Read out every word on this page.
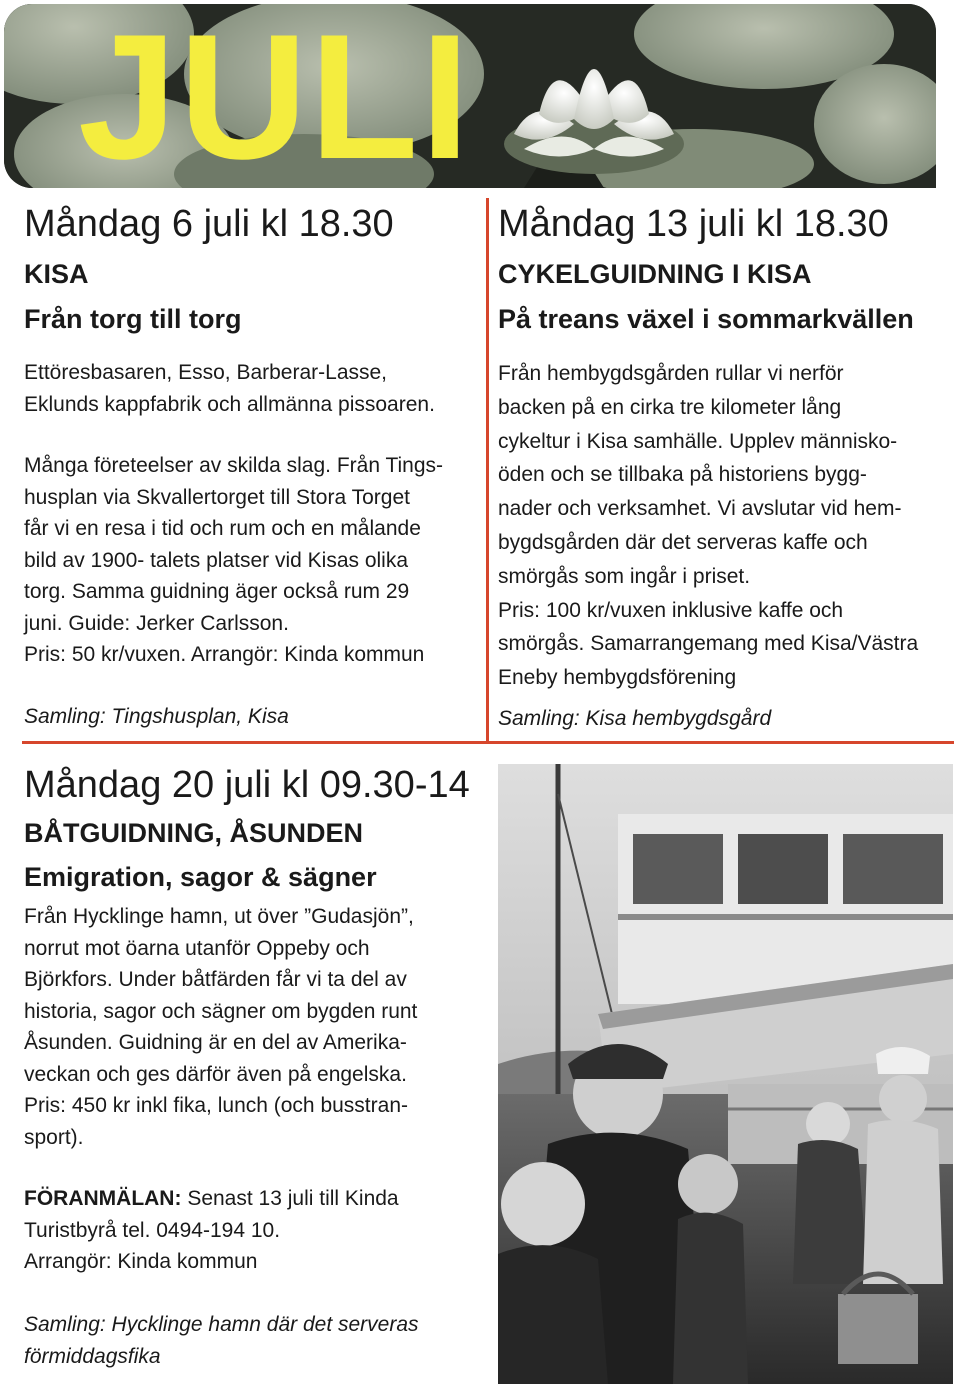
JULI
Måndag 6 juli kl 18.30
KISA
Från torg till torg

Ettöresbasaren, Esso, Barberar-Lasse,

Eklunds kappfabrik och allmänna pissoaren.

Många företeelser av skilda slag. Från Tings-

husplan via Skvallertorget till Stora Torget

får vi en resa i tid och rum och en målande

bild av 1900- talets platser vid Kisas olika

torg. Samma guidning äger också rum 29

juni. Guide: Jerker Carlsson.

Pris: 50 kr/vuxen. Arrangör: Kinda kommun

Samling: Tingshusplan, Kisa
Måndag 13 juli kl 18.30
CYKELGUIDNING I KISA
På treans växel i sommarkvällen

Från hembygdsgården rullar vi nerför

backen på en cirka tre kilometer lång

cykeltur i Kisa samhälle. Upplev människo-

öden och se tillbaka på historiens bygg-

nader och verksamhet. Vi avslutar vid hem-

bygdsgården där det serveras kaffe och

smörgås som ingår i priset.

Pris: 100 kr/vuxen inklusive kaffe och

smörgås. Samarrangemang med Kisa/Västra

Eneby hembygdsförening

Samling: Kisa hembygdsgård
Måndag 20 juli kl 09.30-14
BÅTGUIDNING, ÅSUNDEN
Emigration, sagor & sägner

Från Hycklinge hamn, ut över ”Gudasjön”,

norrut mot öarna utanför Oppeby och

Björkfors. Under båtfärden får vi ta del av

historia, sagor och sägner om bygden runt

Åsunden. Guidning är en del av Amerika-

veckan och ges därför även på engelska.

Pris: 450 kr inkl fika, lunch (och busstran-

sport).

FÖRANMÄLAN: Senast 13 juli till Kinda

Turistbyrå tel. 0494-194 10.

Arrangör: Kinda kommun

Samling: Hycklinge hamn där det serveras
förmiddagsfika
